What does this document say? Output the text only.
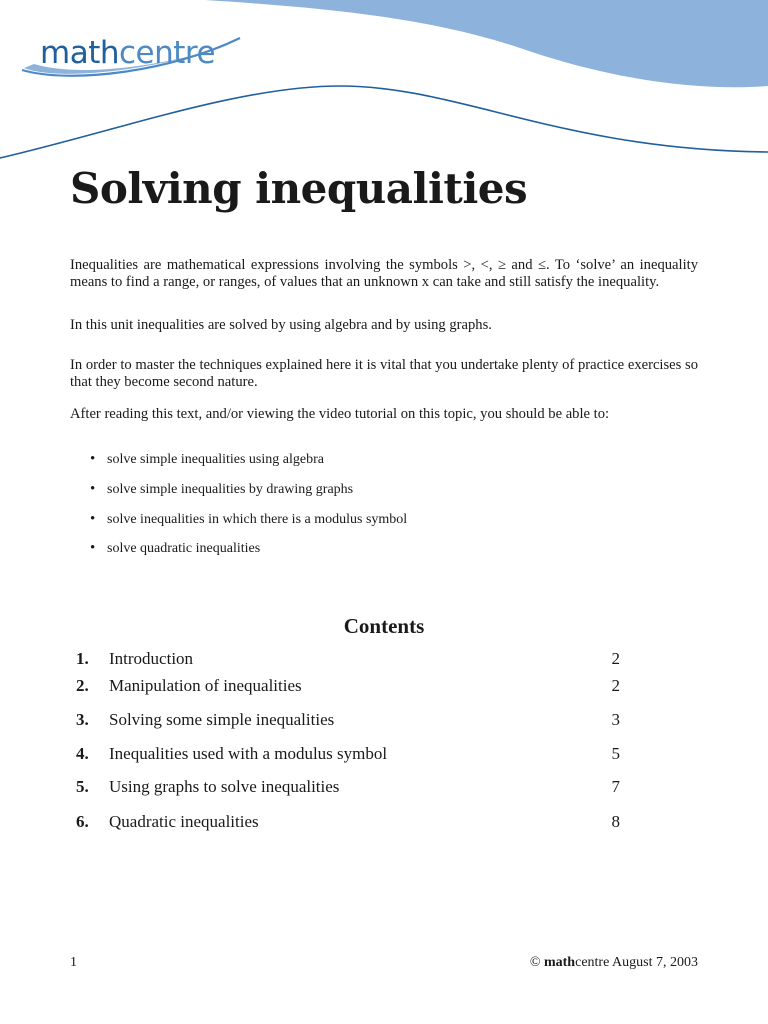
mathcentre
Solving inequalities

Inequalities are mathematical expressions involving the symbols >, <, ≥ and ≤. To ‘solve’ an inequality means to find a range, or ranges, of values that an unknown x can take and still satisfy the inequality.

In this unit inequalities are solved by using algebra and by using graphs.

In order to master the techniques explained here it is vital that you undertake plenty of practice exercises so that they become second nature.

After reading this text, and/or viewing the video tutorial on this topic, you should be able to:

• solve simple inequalities using algebra
• solve simple inequalities by drawing graphs
• solve inequalities in which there is a modulus symbol
• solve quadratic inequalities
Contents
1. Introduction	2
2. Manipulation of inequalities	2
3. Solving some simple inequalities	3
4. Inequalities used with a modulus symbol	5
5. Using graphs to solve inequalities	7
6. Quadratic inequalities	8
1	© mathcentre August 7, 2003
